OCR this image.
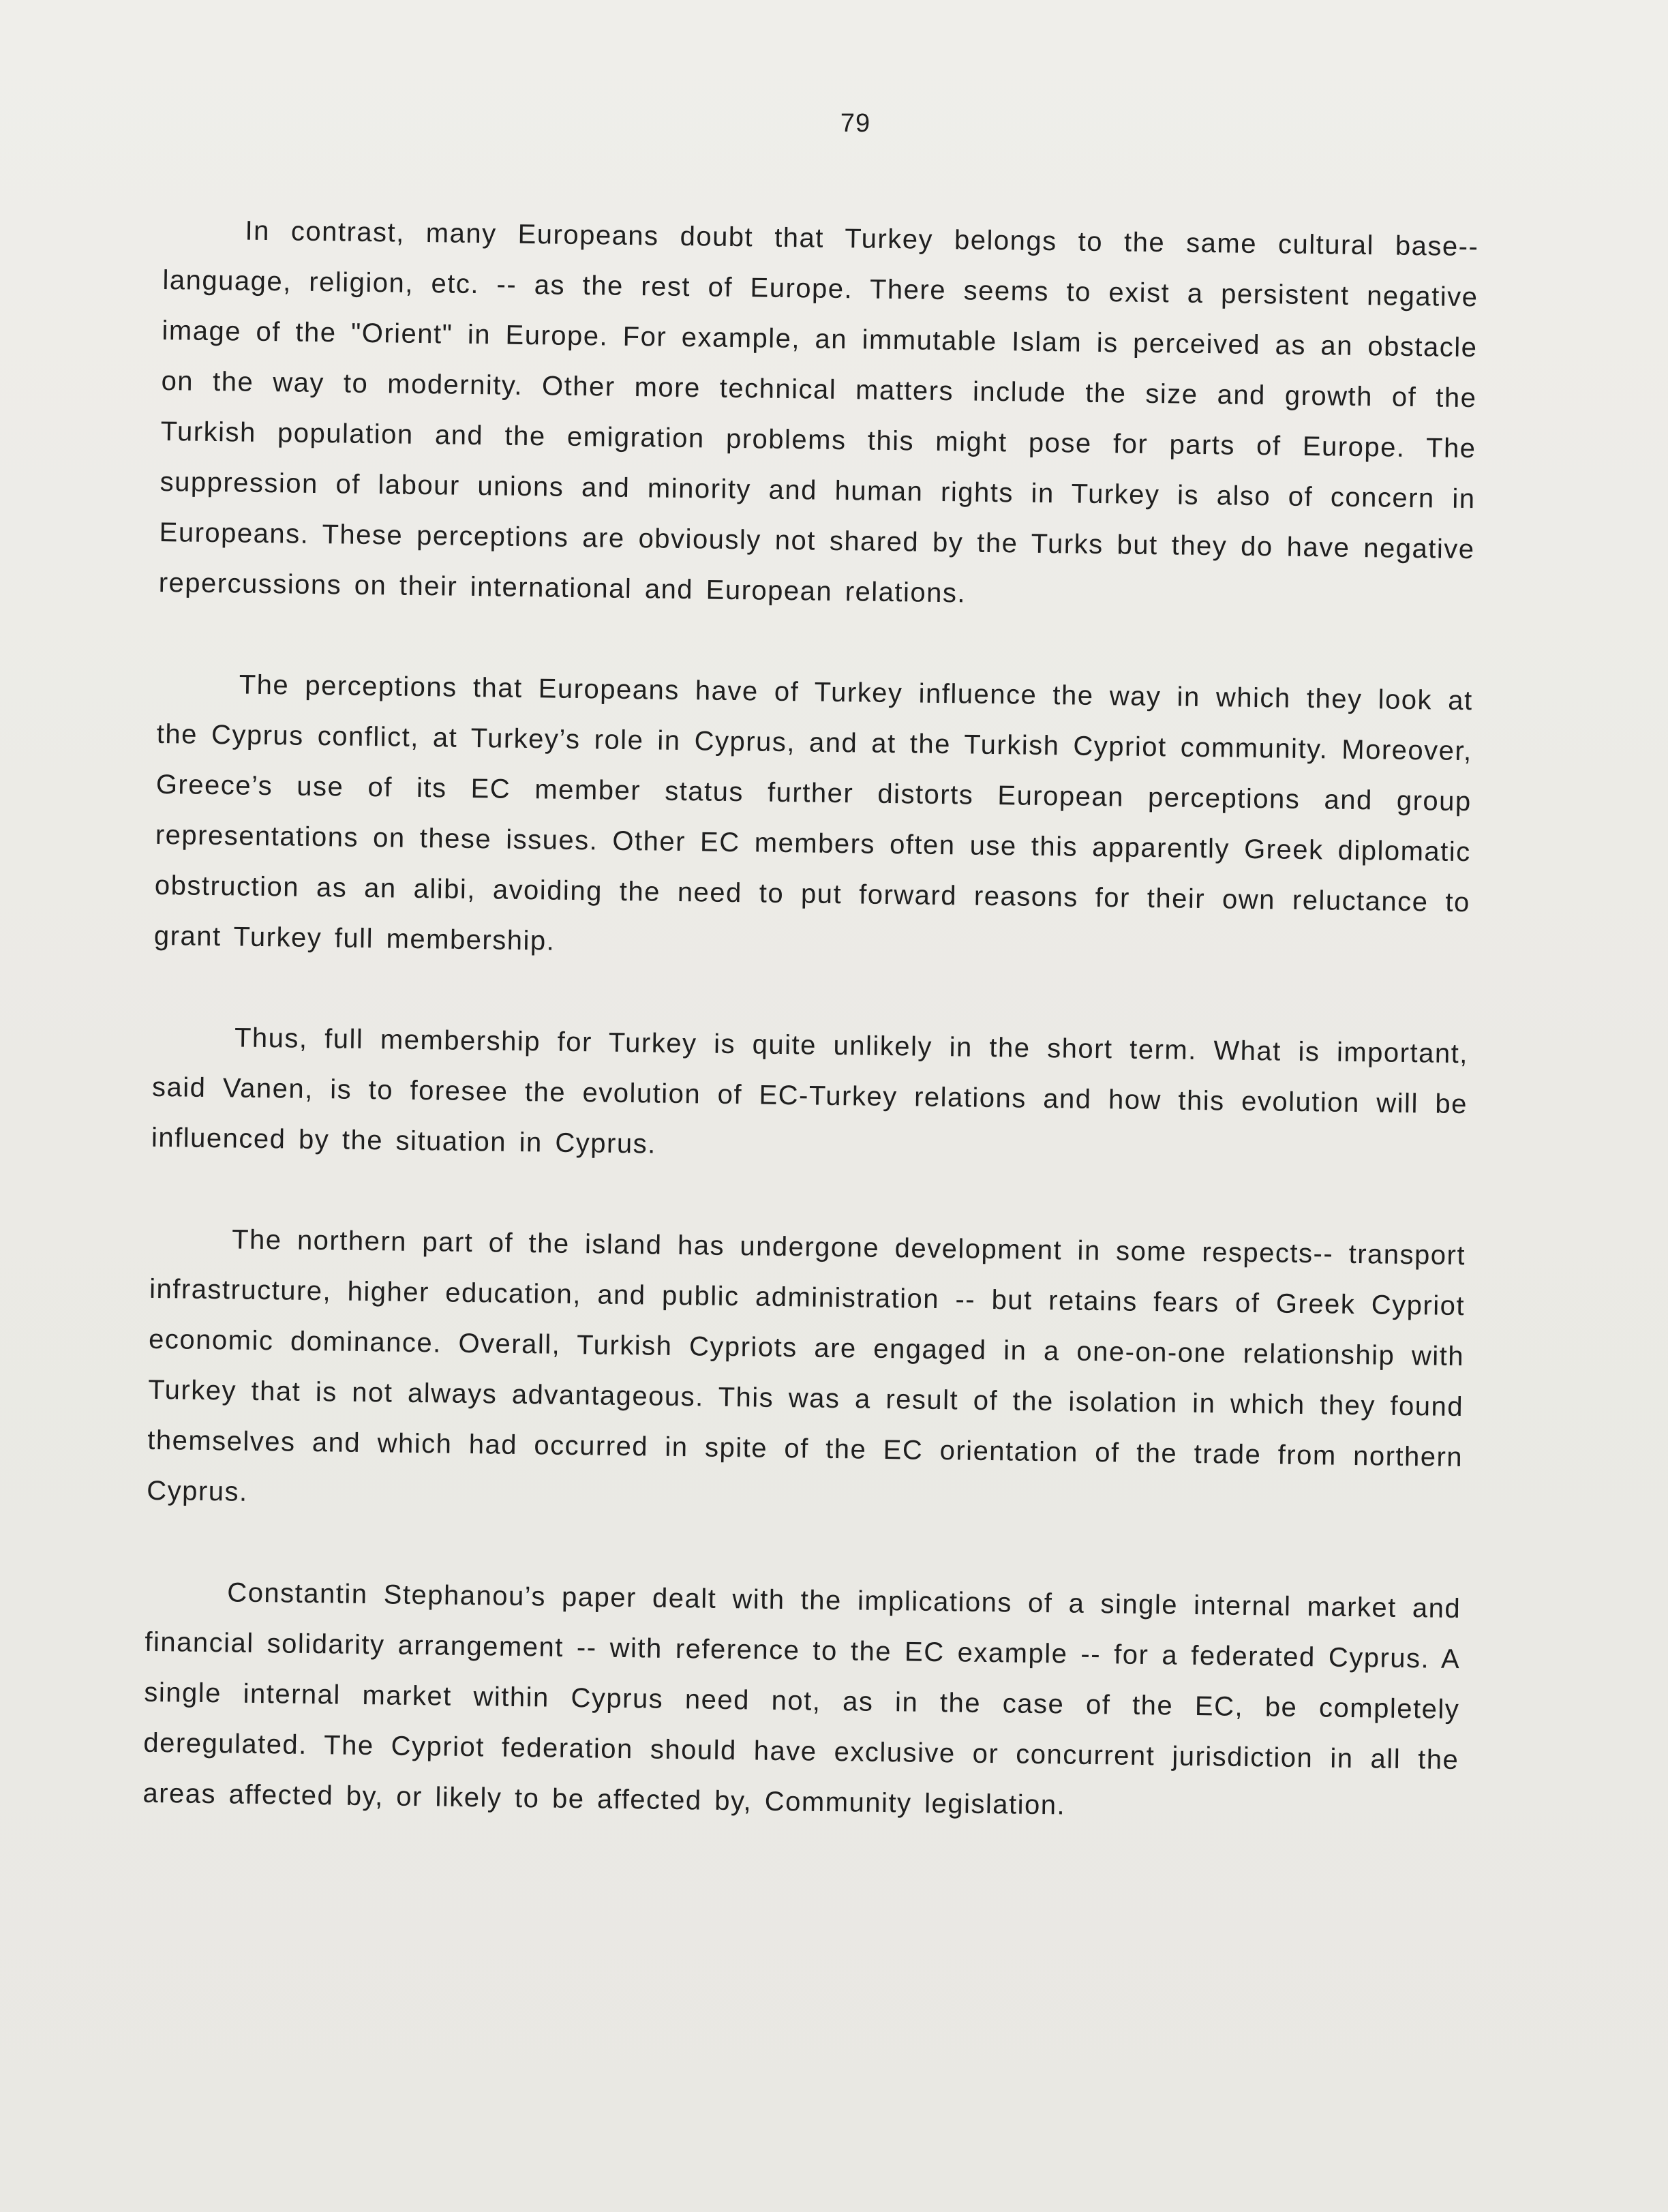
79

In contrast, many Europeans doubt that Turkey belongs to the same cultural base-- language, religion, etc. -- as the rest of Europe. There seems to exist a persistent negative image of the "Orient" in Europe. For example, an immutable Islam is perceived as an obstacle on the way to modernity. Other more technical matters include the size and growth of the Turkish population and the emigration problems this might pose for parts of Europe. The suppression of labour unions and minority and human rights in Turkey is also of concern in Europeans. These perceptions are obviously not shared by the Turks but they do have negative repercussions on their international and European relations.

The perceptions that Europeans have of Turkey influence the way in which they look at the Cyprus conflict, at Turkey’s role in Cyprus, and at the Turkish Cypriot community. Moreover, Greece’s use of its EC member status further distorts European perceptions and group representations on these issues. Other EC members often use this apparently Greek diplomatic obstruction as an alibi, avoiding the need to put forward reasons for their own reluctance to grant Turkey full membership.

Thus, full membership for Turkey is quite unlikely in the short term. What is important, said Vanen, is to foresee the evolution of EC-Turkey relations and how this evolution will be influenced by the situation in Cyprus.

The northern part of the island has undergone development in some respects-- transport infrastructure, higher education, and public administration -- but retains fears of Greek Cypriot economic dominance. Overall, Turkish Cypriots are engaged in a one-on-one relationship with Turkey that is not always advantageous. This was a result of the isolation in which they found themselves and which had occurred in spite of the EC orientation of the trade from northern Cyprus.

Constantin Stephanou’s paper dealt with the implications of a single internal market and financial solidarity arrangement -- with reference to the EC example -- for a federated Cyprus. A single internal market within Cyprus need not, as in the case of the EC, be completely deregulated. The Cypriot federation should have exclusive or concurrent jurisdiction in all the areas affected by, or likely to be affected by, Community legislation.
